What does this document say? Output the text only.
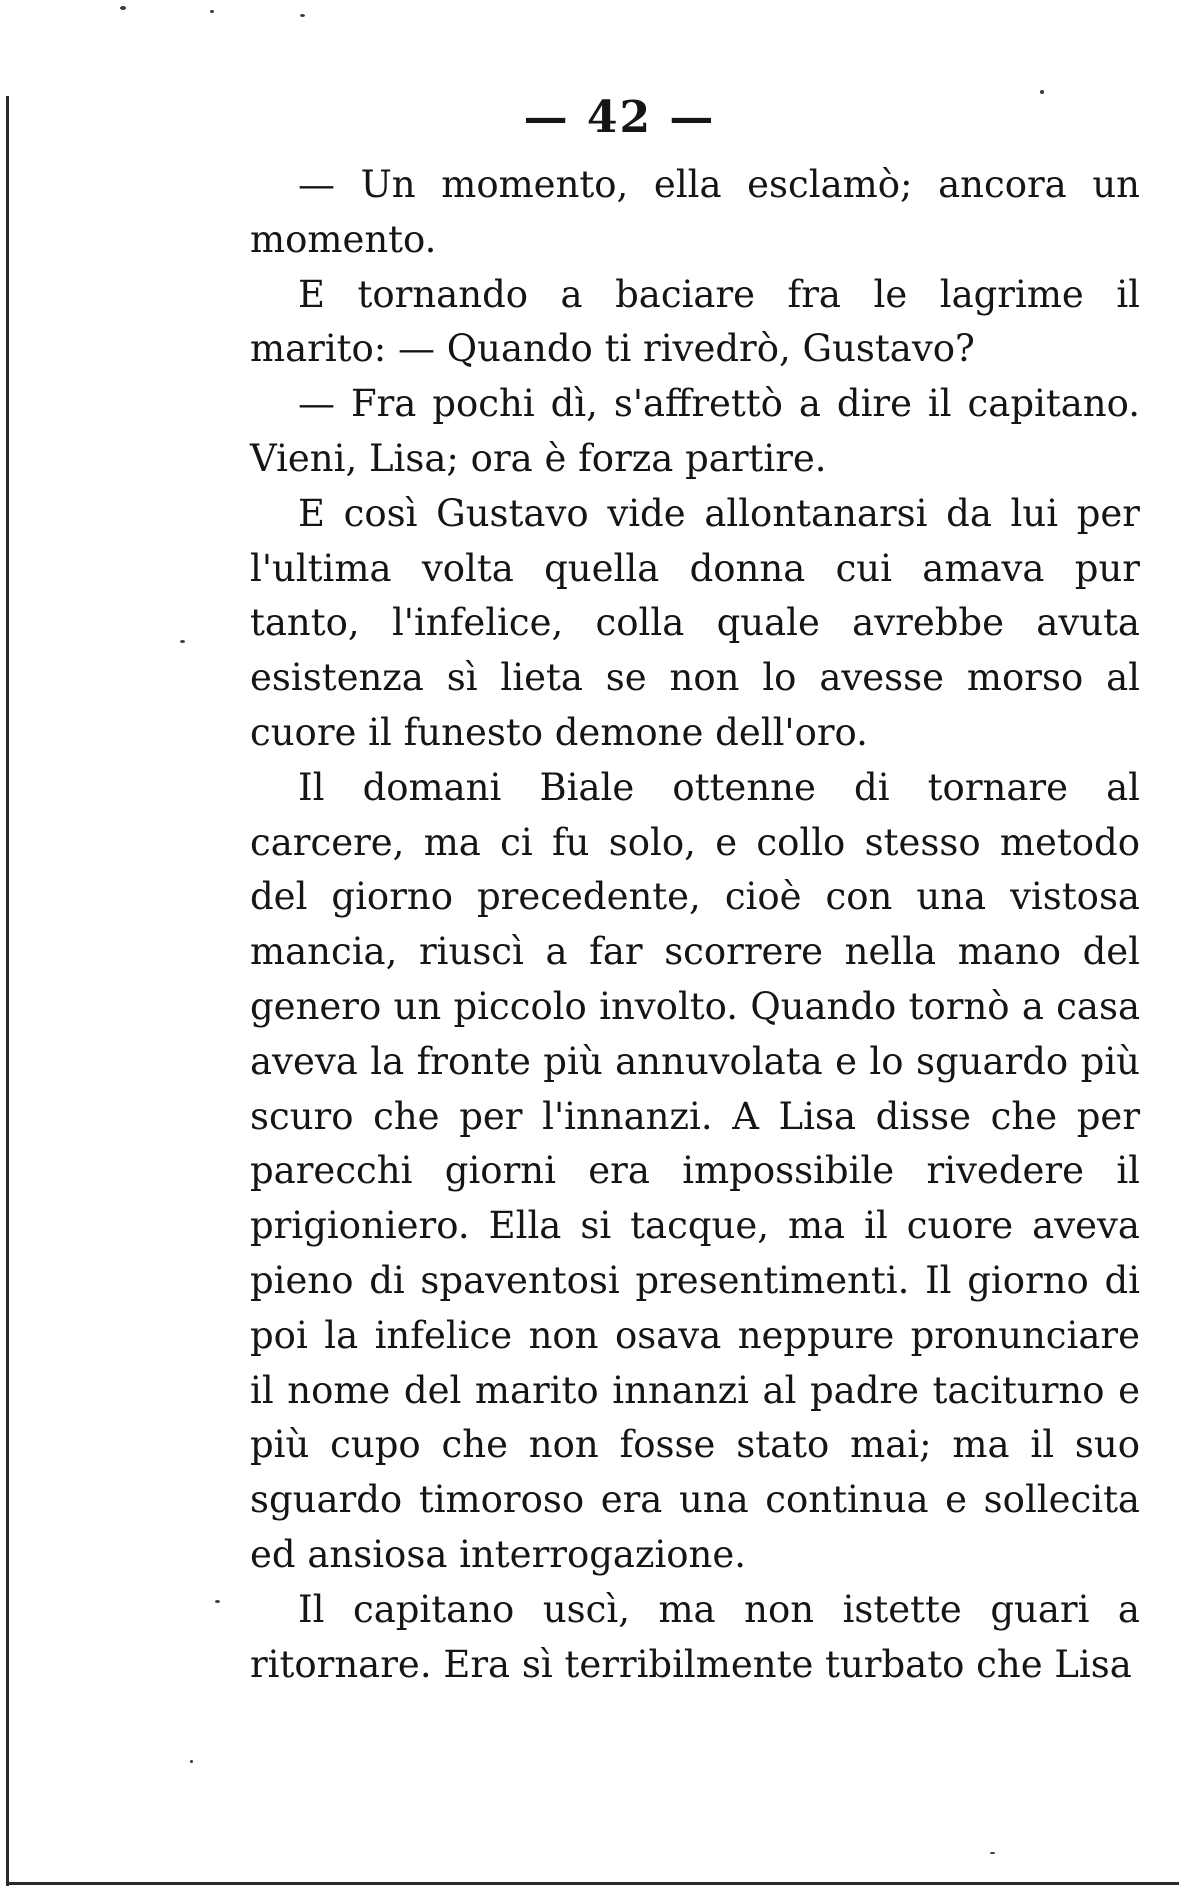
— 42 —

— Un momento, ella esclamò; ancora un momento.

E tornando a baciare fra le lagrime il marito: — Quando ti rivedrò, Gustavo?

— Fra pochi dì, s'affrettò a dire il capitano. Vieni, Lisa; ora è forza partire.

E così Gustavo vide allontanarsi da lui per l'ultima volta quella donna cui amava pur tanto, l'infelice, colla quale avrebbe avuta esistenza sì lieta se non lo avesse morso al cuore il funesto demone dell'oro.

Il domani Biale ottenne di tornare al carcere, ma ci fu solo, e collo stesso metodo del giorno precedente, cioè con una vistosa mancia, riuscì a far scorrere nella mano del genero un piccolo involto. Quando tornò a casa aveva la fronte più annuvolata e lo sguardo più scuro che per l'innanzi. A Lisa disse che per parecchi giorni era impossibile rivedere il prigioniero. Ella si tacque, ma il cuore aveva pieno di spaventosi presentimenti. Il giorno di poi la infelice non osava neppure pronunciare il nome del marito innanzi al padre taciturno e più cupo che non fosse stato mai; ma il suo sguardo timoroso era una continua e sollecita ed ansiosa interrogazione.

Il capitano uscì, ma non istette guari a ritornare. Era sì terribilmente turbato che Lisa
